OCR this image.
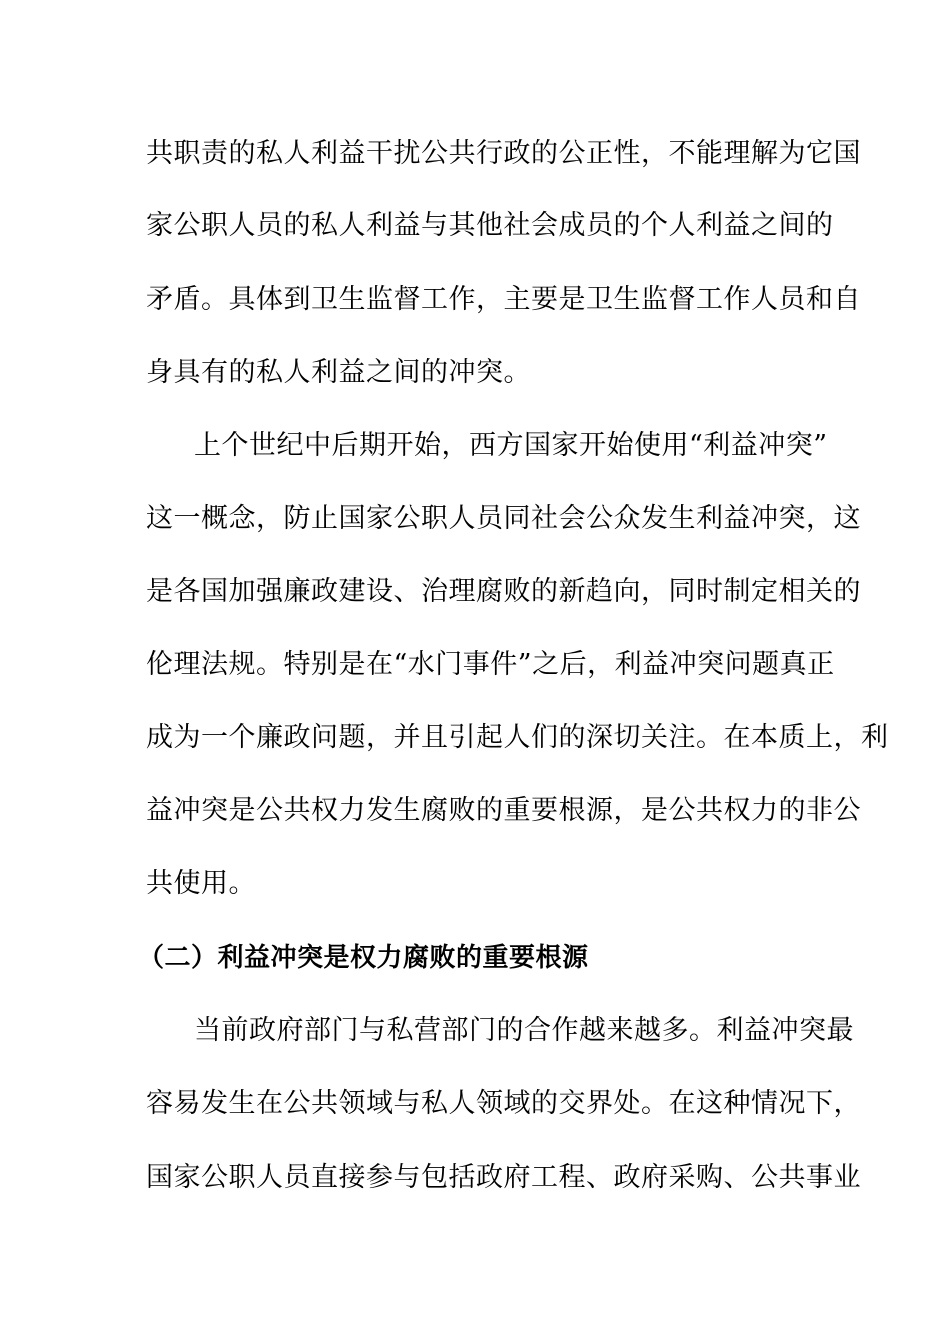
共职责的私人利益干扰公共行政的公正性，不能理解为它国
家公职人员的私人利益与其他社会成员的个人利益之间的
矛盾。具体到卫生监督工作，主要是卫生监督工作人员和自
身具有的私人利益之间的冲突。
上个世纪中后期开始，西方国家开始使用“利益冲突”
这一概念，防止国家公职人员同社会公众发生利益冲突，这
是各国加强廉政建设、治理腐败的新趋向，同时制定相关的
伦理法规。特别是在“水门事件”之后，利益冲突问题真正
成为一个廉政问题，并且引起人们的深切关注。在本质上，利
益冲突是公共权力发生腐败的重要根源，是公共权力的非公
共使用。
（二）利益冲突是权力腐败的重要根源
当前政府部门与私营部门的合作越来越多。利益冲突最
容易发生在公共领域与私人领域的交界处。在这种情况下，
国家公职人员直接参与包括政府工程、政府采购、公共事业
